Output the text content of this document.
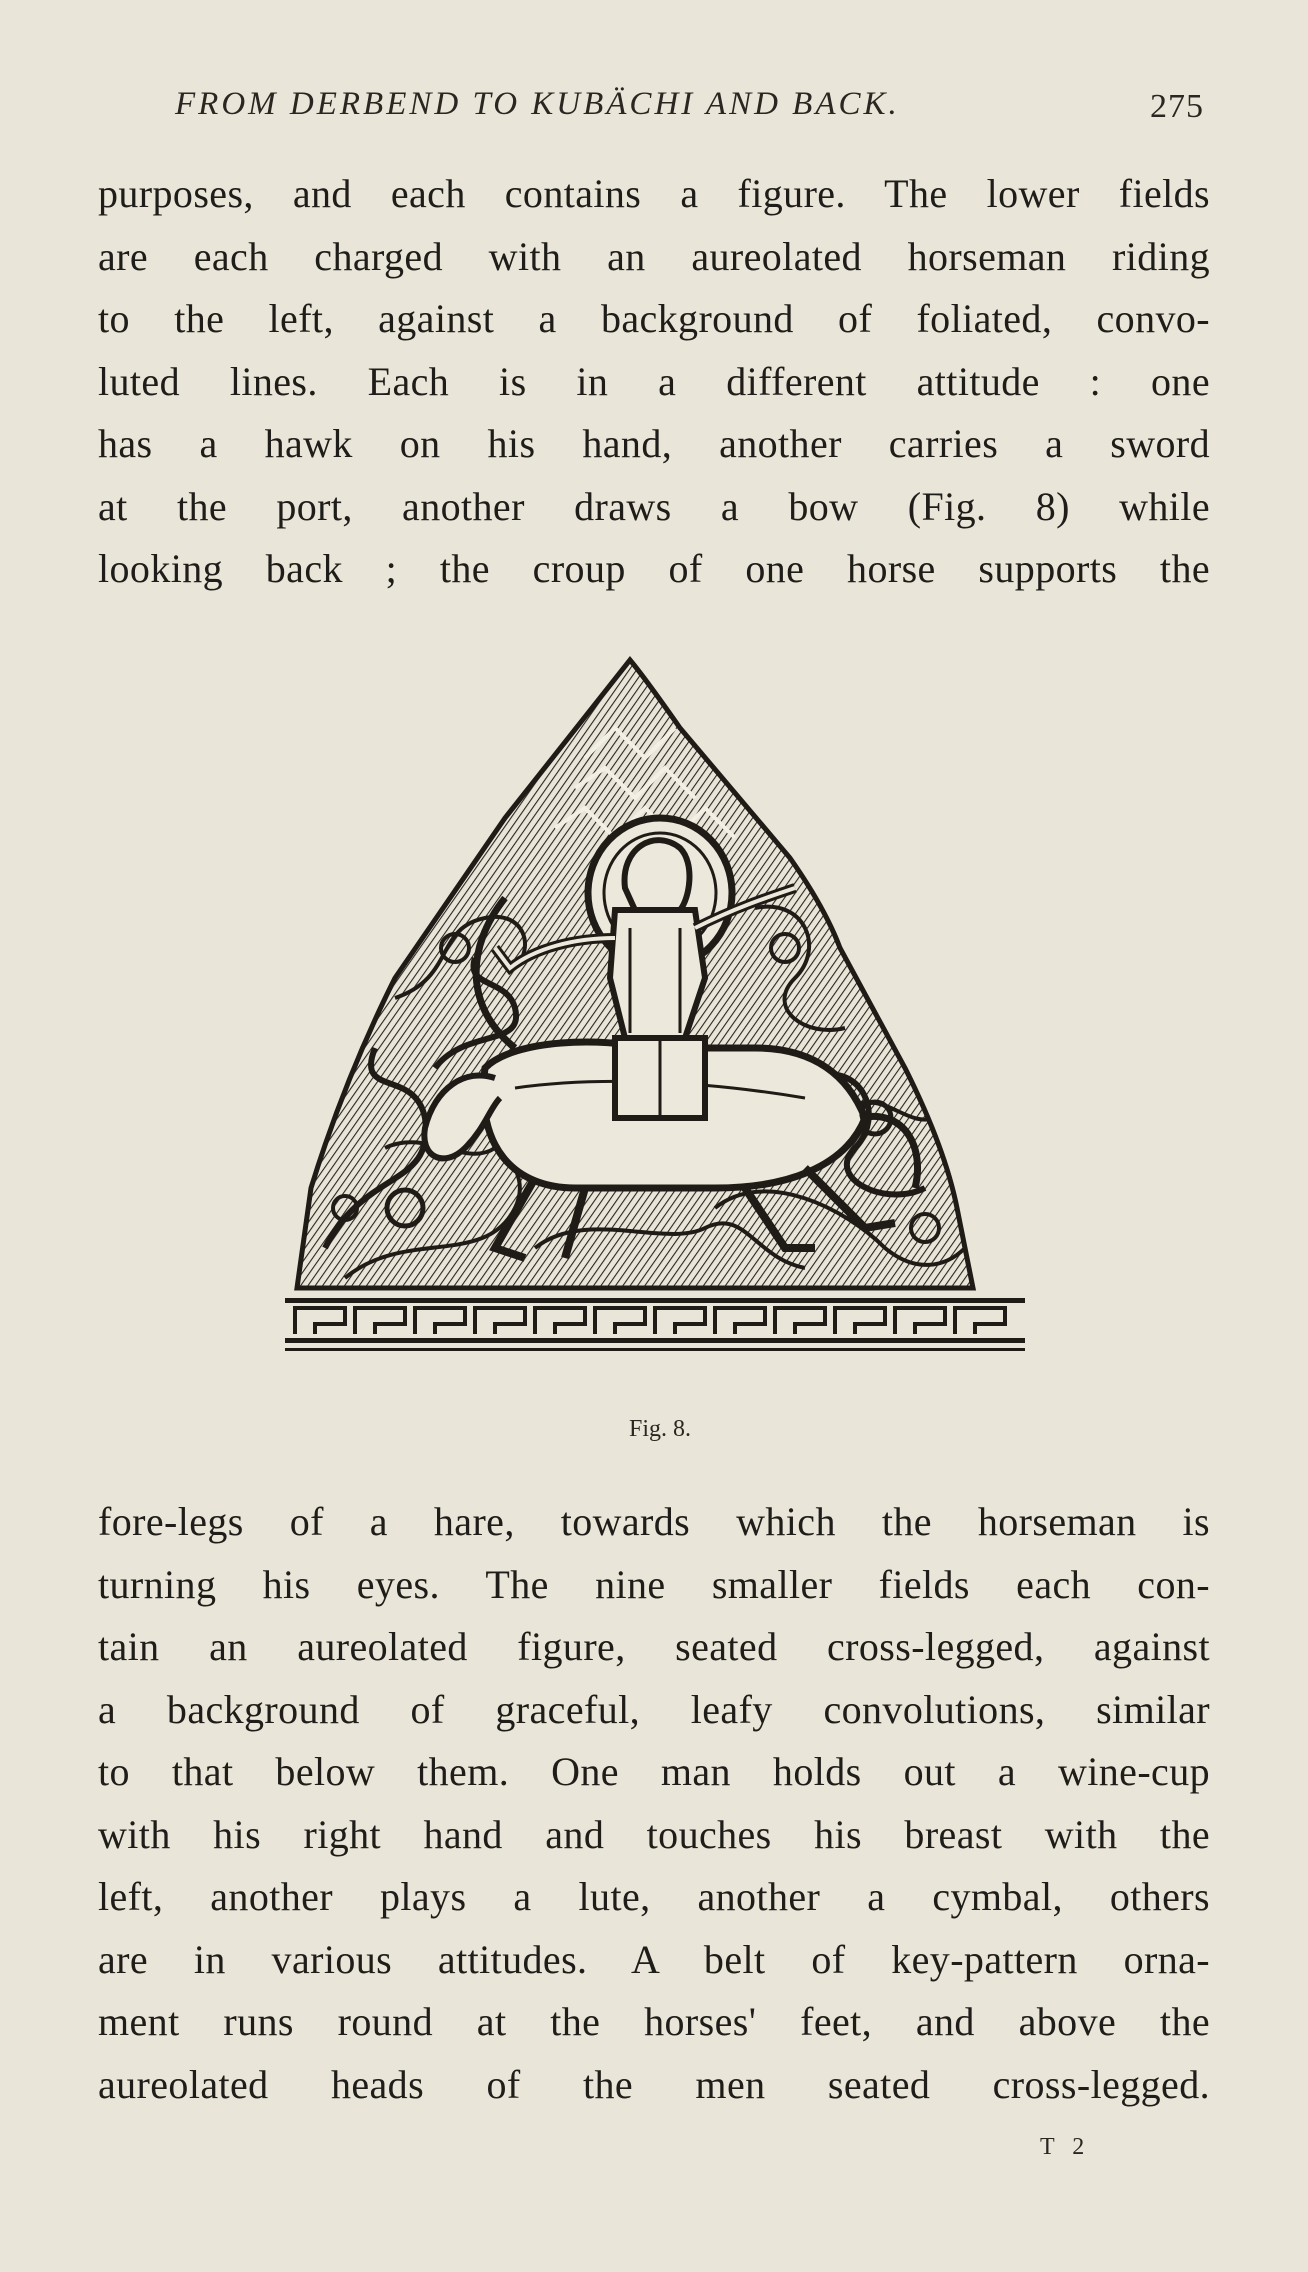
FROM DERBEND TO KUBÄCHI AND BACK.	275
purposes, and each contains a figure. The lower fields
are each charged with an aureolated horseman riding
to the left, against a background of foliated, convo-
luted lines. Each is in a different attitude : one
has a hawk on his hand, another carries a sword
at the port, another draws a bow (Fig. 8) while
looking back ; the croup of one horse supports the
Fig. 8.
fore-legs of a hare, towards which the horseman is
turning his eyes. The nine smaller fields each con-
tain an aureolated figure, seated cross-legged, against
a background of graceful, leafy convolutions, similar
to that below them. One man holds out a wine-cup
with his right hand and touches his breast with the
left, another plays a lute, another a cymbal, others
are in various attitudes. A belt of key-pattern orna-
ment runs round at the horses' feet, and above the
aureolated heads of the men seated cross-legged.
T 2
